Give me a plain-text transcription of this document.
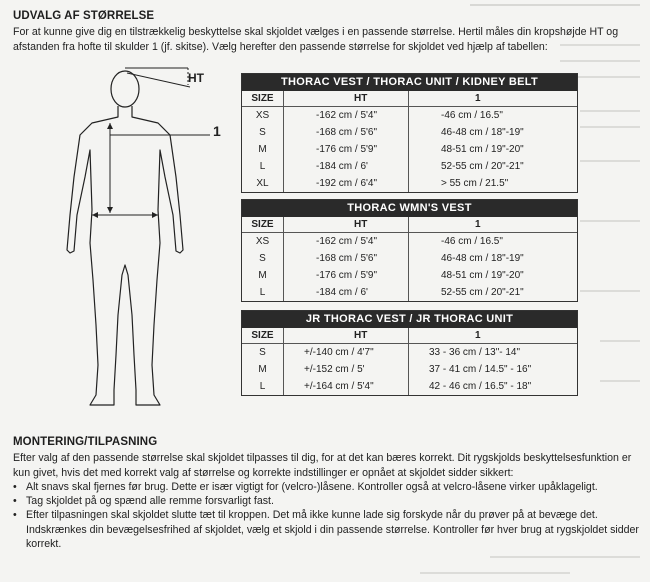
UDVALG AF STØRRELSE
For at kunne give dig en tilstrækkelig beskyttelse skal skjoldet vælges i en passende størrelse. Hertil måles din kropshøjde HT og afstanden fra hofte til skulder 1 (jf. skitse). Vælg herefter den passende størrelse for skjoldet ved hjælp af tabellen:
HT
1
THORAC VEST / THORAC UNIT / KIDNEY BELT
SIZE	HT	1
XS	-162 cm / 5'4"	-46 cm / 16.5"
S	-168 cm / 5'6"	46-48 cm / 18"-19"
M	-176 cm / 5'9"	48-51 cm / 19"-20"
L	-184 cm / 6'	52-55 cm / 20"-21"
XL	-192 cm / 6'4"	> 55 cm / 21.5"
THORAC WMN'S VEST
SIZE	HT	1
XS	-162 cm / 5'4"	-46 cm / 16.5"
S	-168 cm / 5'6"	46-48 cm / 18"-19"
M	-176 cm / 5'9"	48-51 cm / 19"-20"
L	-184 cm / 6'	52-55 cm / 20"-21"
JR THORAC VEST / JR THORAC UNIT
SIZE	HT	1
S	+/-140 cm / 4'7"	33 - 36 cm / 13"- 14"
M	+/-152 cm / 5'	37 - 41 cm / 14.5" - 16"
L	+/-164 cm / 5'4"	42 - 46 cm / 16.5" - 18"
MONTERING/TILPASNING
Efter valg af den passende størrelse skal skjoldet tilpasses til dig, for at det kan bæres korrekt. Dit rygskjolds beskyttelsesfunktion er kun givet, hvis det med korrekt valg af størrelse og korrekte indstillinger er opnået at skjoldet sidder sikkert:
• Alt snavs skal fjernes før brug. Dette er især vigtigt for (velcro-)låsene. Kontroller også at velcro-låsene virker upåklageligt.
• Tag skjoldet på og spænd alle remme forsvarligt fast.
• Efter tilpasningen skal skjoldet slutte tæt til kroppen. Det må ikke kunne lade sig forskyde når du prøver på at bevæge det. Indskrænkes din bevægelsesfrihed af skjoldet, vælg et skjold i din passende størrelse. Kontroller før hver brug at rygskjoldet sidder korrekt.
